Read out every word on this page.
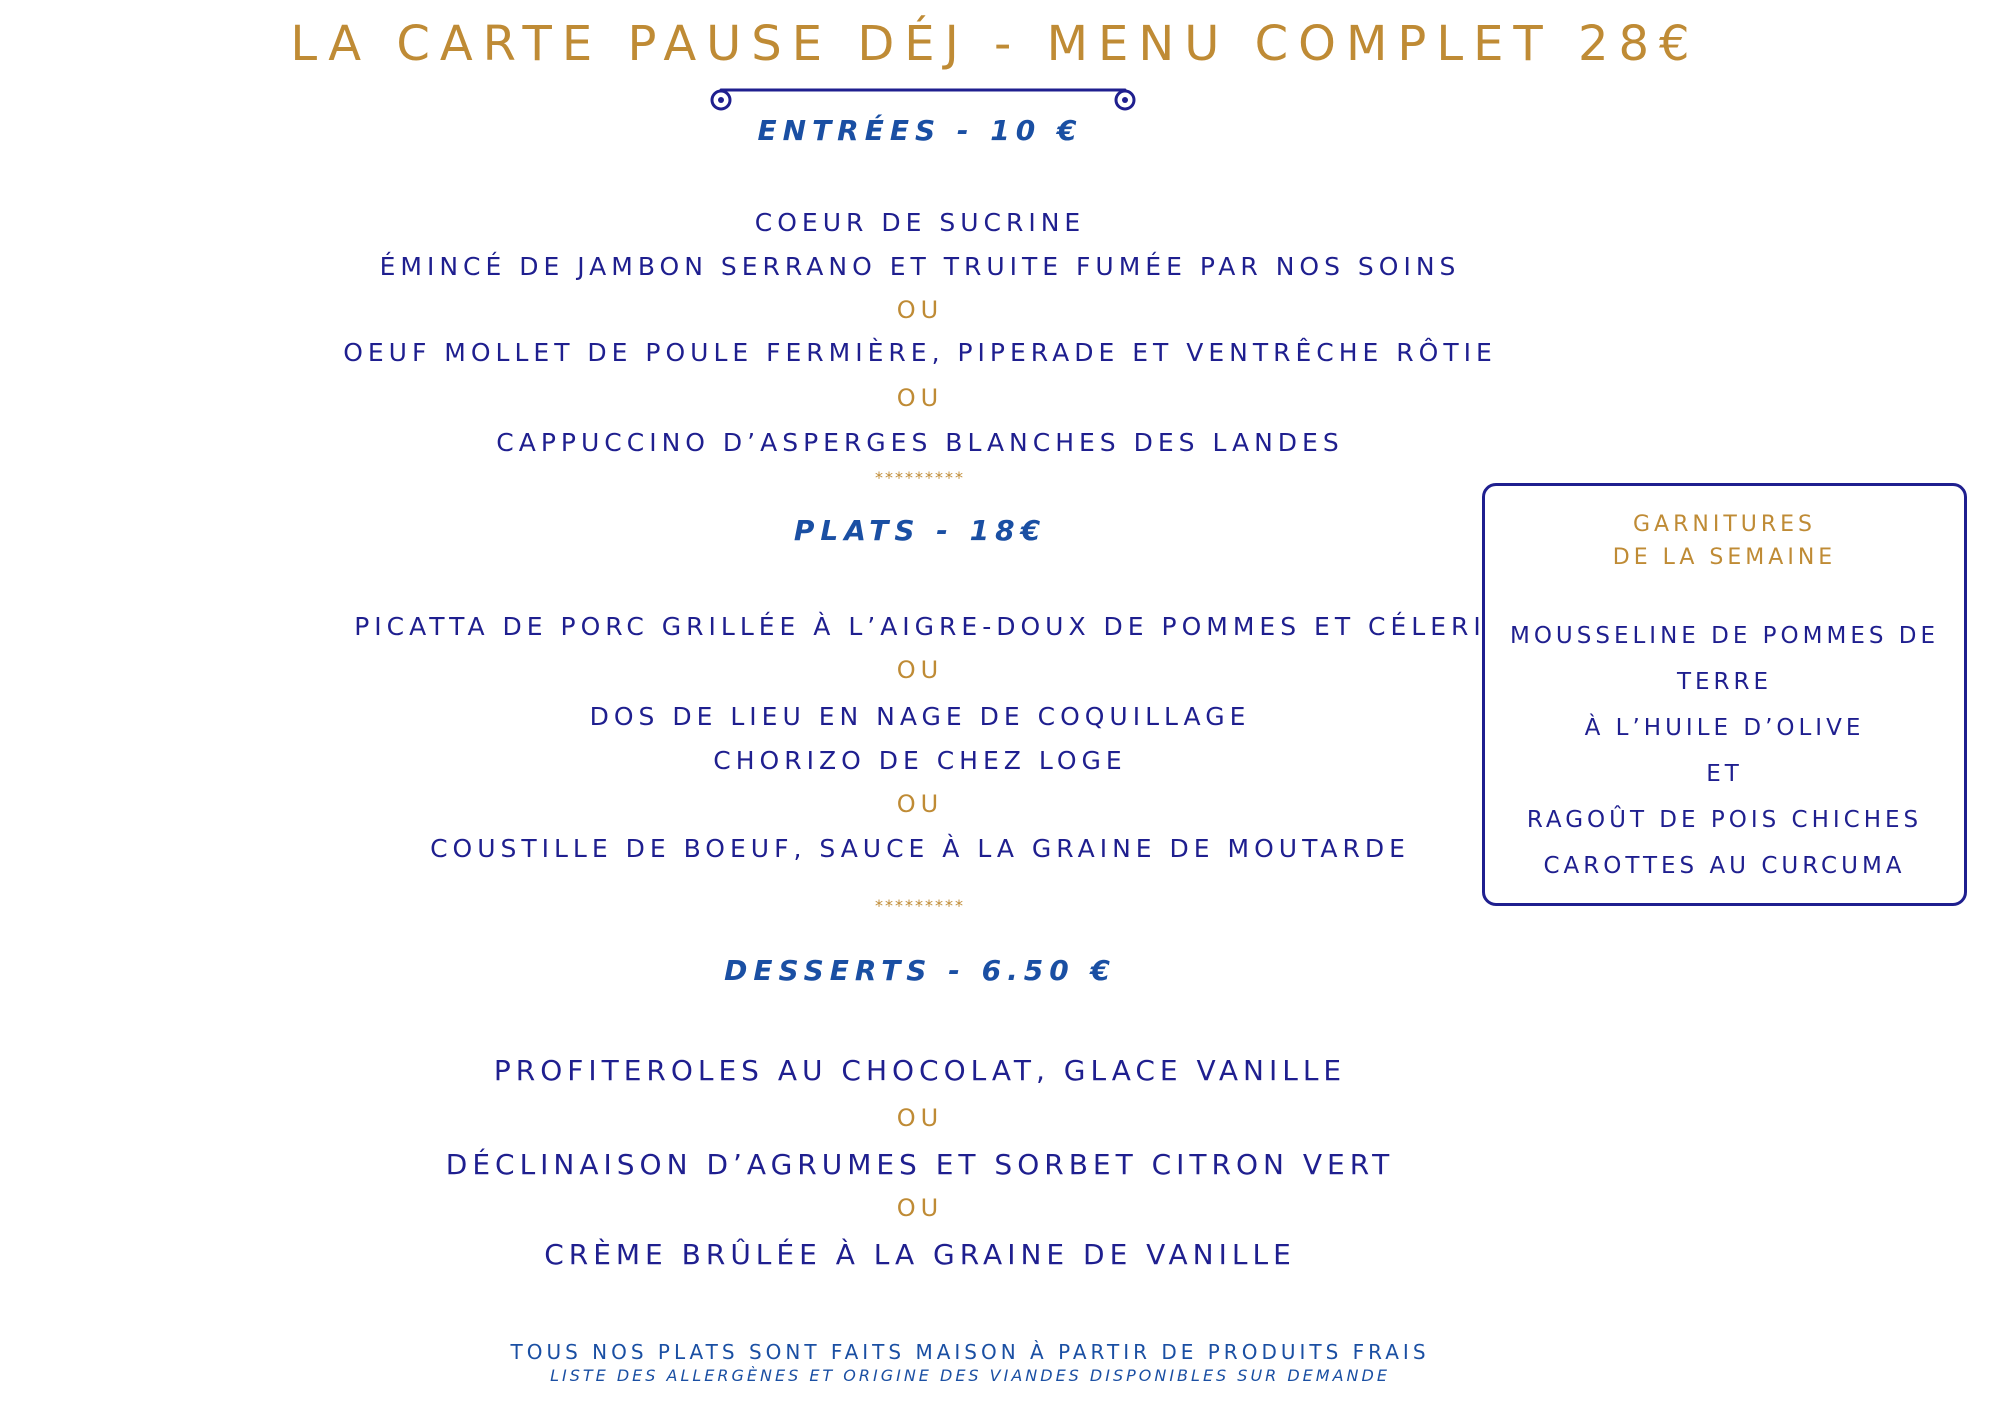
LA CARTE PAUSE DÉJ - MENU COMPLET 28€
ENTRÉES - 10 €
COEUR DE SUCRINE
ÉMINCÉ DE JAMBON SERRANO ET TRUITE FUMÉE PAR NOS SOINS
OU
OEUF MOLLET DE POULE FERMIÈRE, PIPERADE ET VENTRÊCHE RÔTIE
OU
CAPPUCCINO D’ASPERGES BLANCHES DES LANDES
*********
PLATS - 18€
PICATTA DE PORC GRILLÉE À L’AIGRE-DOUX DE POMMES ET CÉLERI
OU
DOS DE LIEU EN NAGE DE COQUILLAGE
CHORIZO DE CHEZ LOGE
OU
COUSTILLE DE BOEUF, SAUCE À LA GRAINE DE MOUTARDE
*********
DESSERTS - 6.50 €
PROFITEROLES AU CHOCOLAT, GLACE VANILLE
OU
DÉCLINAISON D’AGRUMES ET SORBET CITRON VERT
OU
CRÈME BRÛLÉE À LA GRAINE DE VANILLE
GARNITURES
DE LA SEMAINE
MOUSSELINE DE POMMES DE
TERRE
À L’HUILE D’OLIVE
ET
RAGOÛT DE POIS CHICHES
CAROTTES AU CURCUMA
TOUS NOS PLATS SONT FAITS MAISON À PARTIR DE PRODUITS FRAIS
LISTE DES ALLERGÈNES ET ORIGINE DES VIANDES DISPONIBLES SUR DEMANDE
